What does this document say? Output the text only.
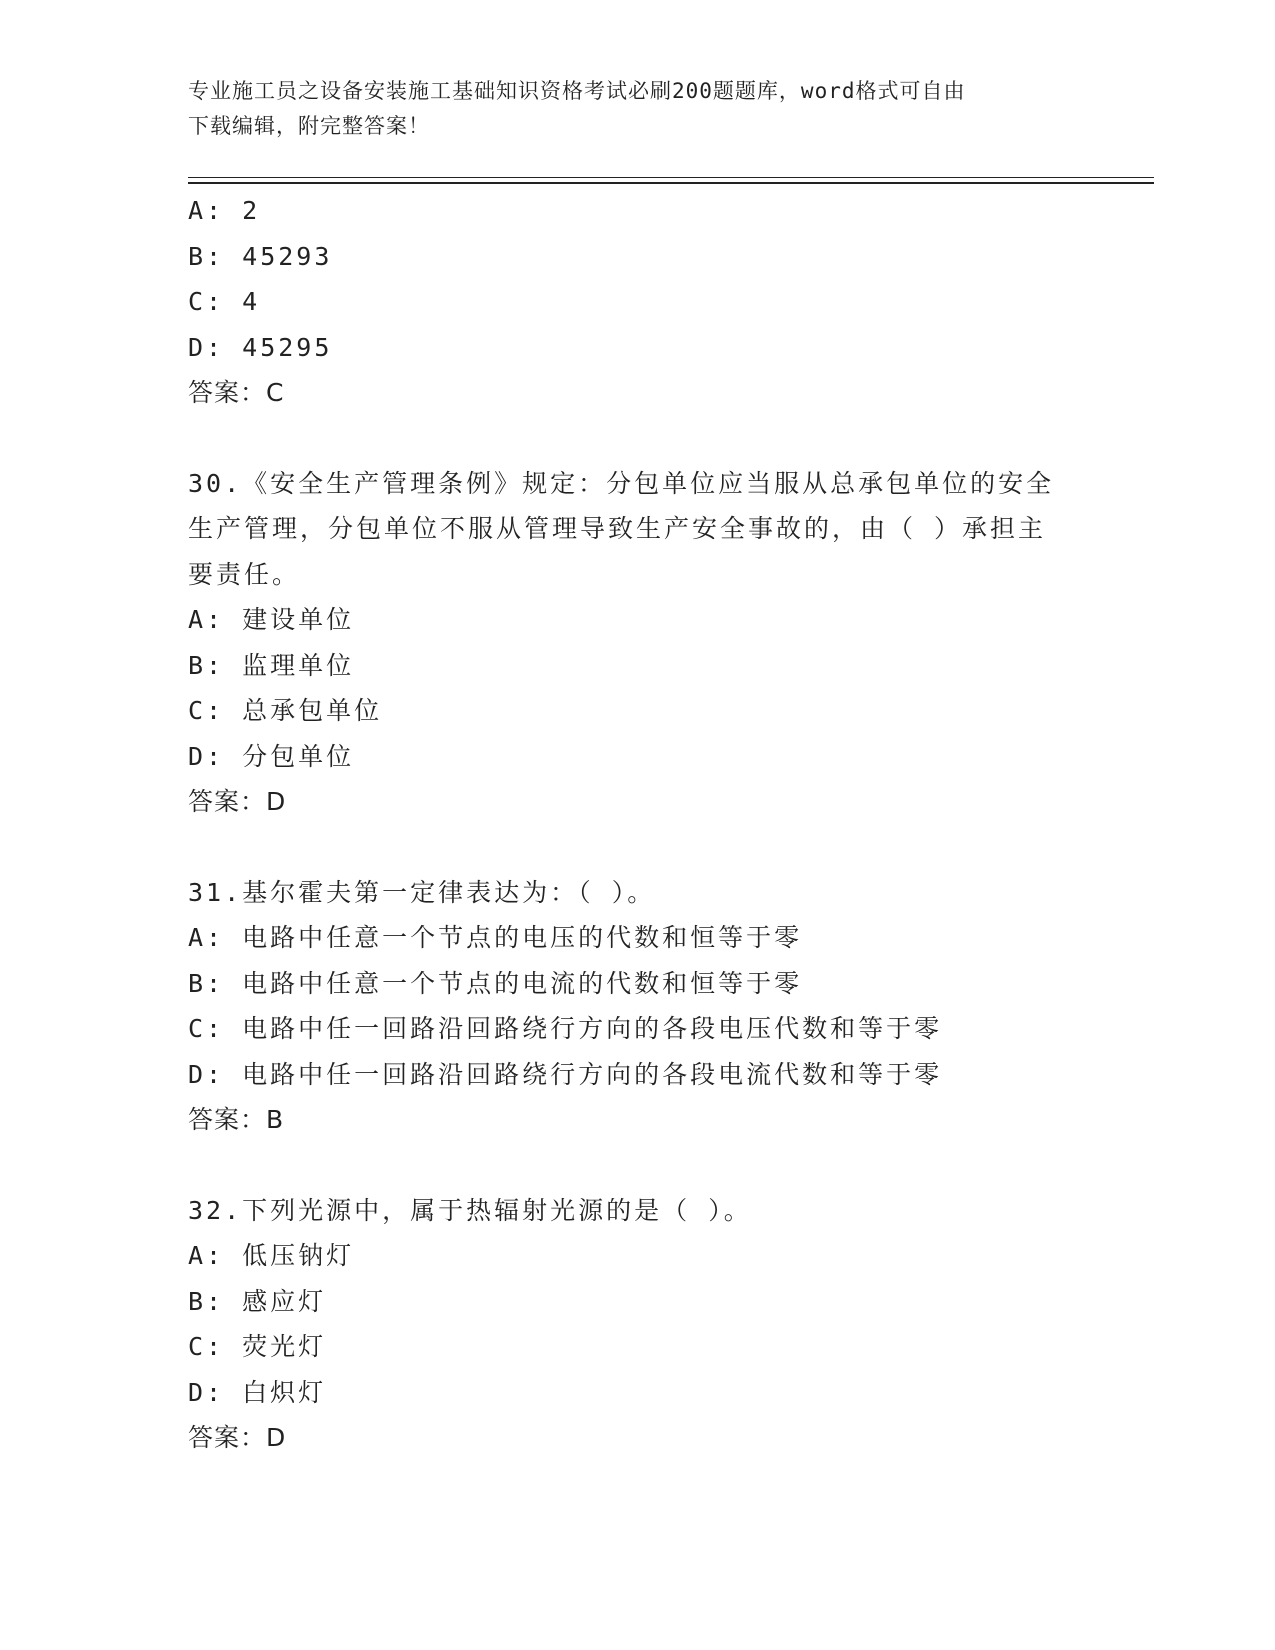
专业施工员之设备安装施工基础知识资格考试必刷200题题库，word格式可自由
下载编辑，附完整答案！
A: 2
B: 45293
C: 4
D: 45295
答案：C
30.《安全生产管理条例》规定：分包单位应当服从总承包单位的安全生产管理，分包单位不服从管理导致生产安全事故的，由（ ）承担主要责任。
A: 建设单位
B: 监理单位
C: 总承包单位
D: 分包单位
答案：D
31.基尔霍夫第一定律表达为：（ ）。
A: 电路中任意一个节点的电压的代数和恒等于零
B: 电路中任意一个节点的电流的代数和恒等于零
C: 电路中任一回路沿回路绕行方向的各段电压代数和等于零
D: 电路中任一回路沿回路绕行方向的各段电流代数和等于零
答案：B
32.下列光源中，属于热辐射光源的是（ ）。
A: 低压钠灯
B: 感应灯
C: 荧光灯
D: 白炽灯
答案：D
